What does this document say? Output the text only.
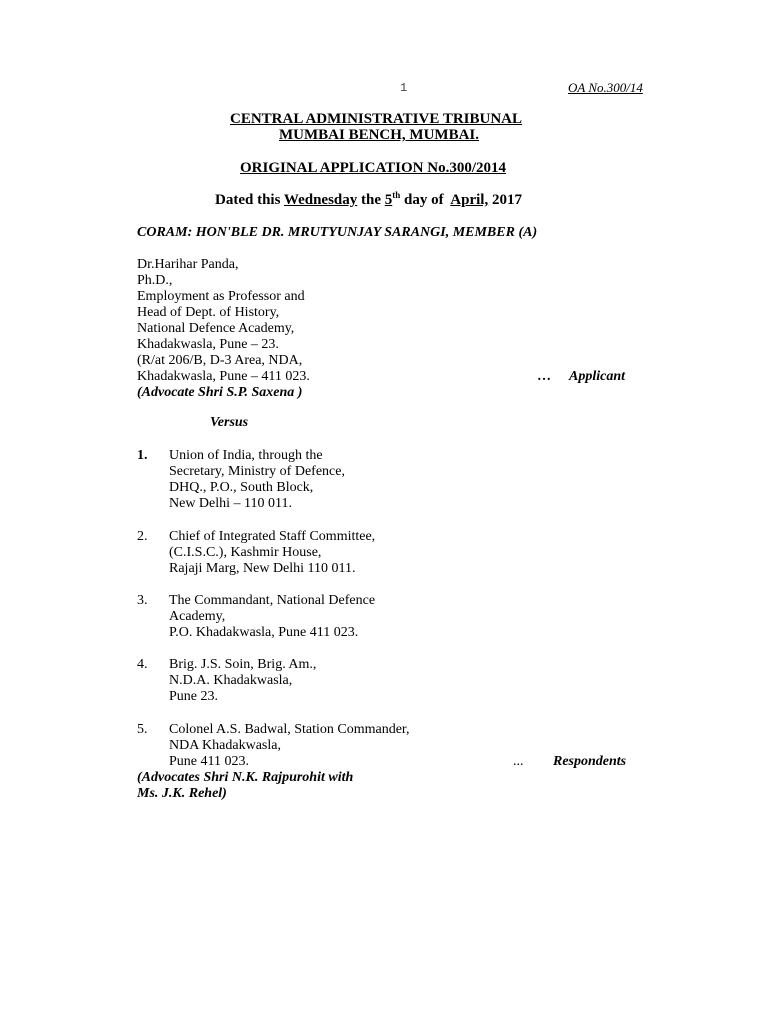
1	OA No.300/14
CENTRAL ADMINISTRATIVE TRIBUNAL
MUMBAI BENCH, MUMBAI.
ORIGINAL APPLICATION No.300/2014
Dated this Wednesday the 5th day of  April, 2017
CORAM: HON'BLE DR. MRUTYUNJAY SARANGI, MEMBER (A)
Dr.Harihar Panda,
Ph.D.,
Employment as Professor and
Head of Dept. of History,
National Defence Academy,
Khadakwasla, Pune – 23.
(R/at 206/B, D-3 Area, NDA,
Khadakwasla, Pune – 411 023.
(Advocate Shri S.P. Saxena )
… Applicant
Versus
1. Union of India, through the
Secretary, Ministry of Defence,
DHQ., P.O., South Block,
New Delhi – 110 011.
2. Chief of Integrated Staff Committee,
(C.I.S.C.), Kashmir House,
Rajaji Marg, New Delhi 110 011.
3. The Commandant, National Defence
Academy,
P.O. Khadakwasla, Pune 411 023.
4. Brig. J.S. Soin, Brig. Am.,
N.D.A. Khadakwasla,
Pune 23.
5. Colonel A.S. Badwal, Station Commander,
NDA Khadakwasla,
Pune 411 023.	... Respondents
(Advocates Shri N.K. Rajpurohit with
Ms. J.K. Rehel)
